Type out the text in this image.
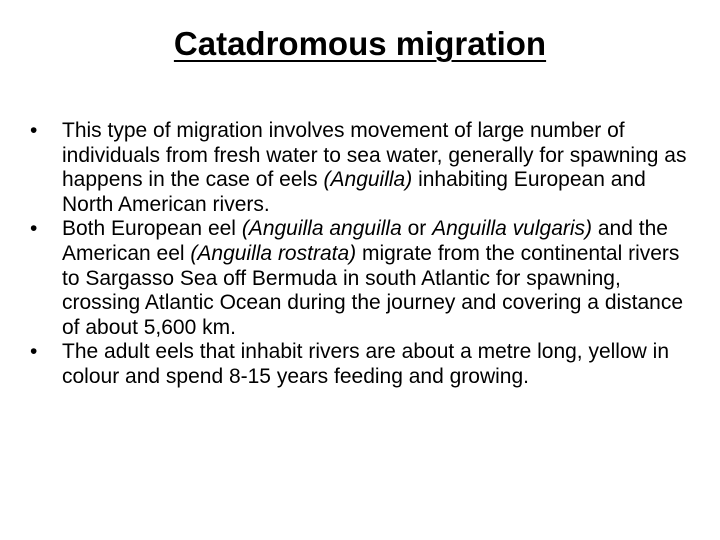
Catadromous migration
•	This type of migration involves movement of large number of individuals from fresh water to sea water, generally for spawning as happens in the case of eels (Anguilla) inhabiting European and North American rivers.
•	Both European eel (Anguilla anguilla or Anguilla vulgaris) and the American eel (Anguilla rostrata) migrate from the continental rivers to Sargasso Sea off Bermuda in south Atlantic for spawning, crossing Atlantic Ocean during the journey and covering a distance of about 5,600 km.
•	The adult eels that inhabit rivers are about a metre long, yellow in colour and spend 8-15 years feeding and growing.
